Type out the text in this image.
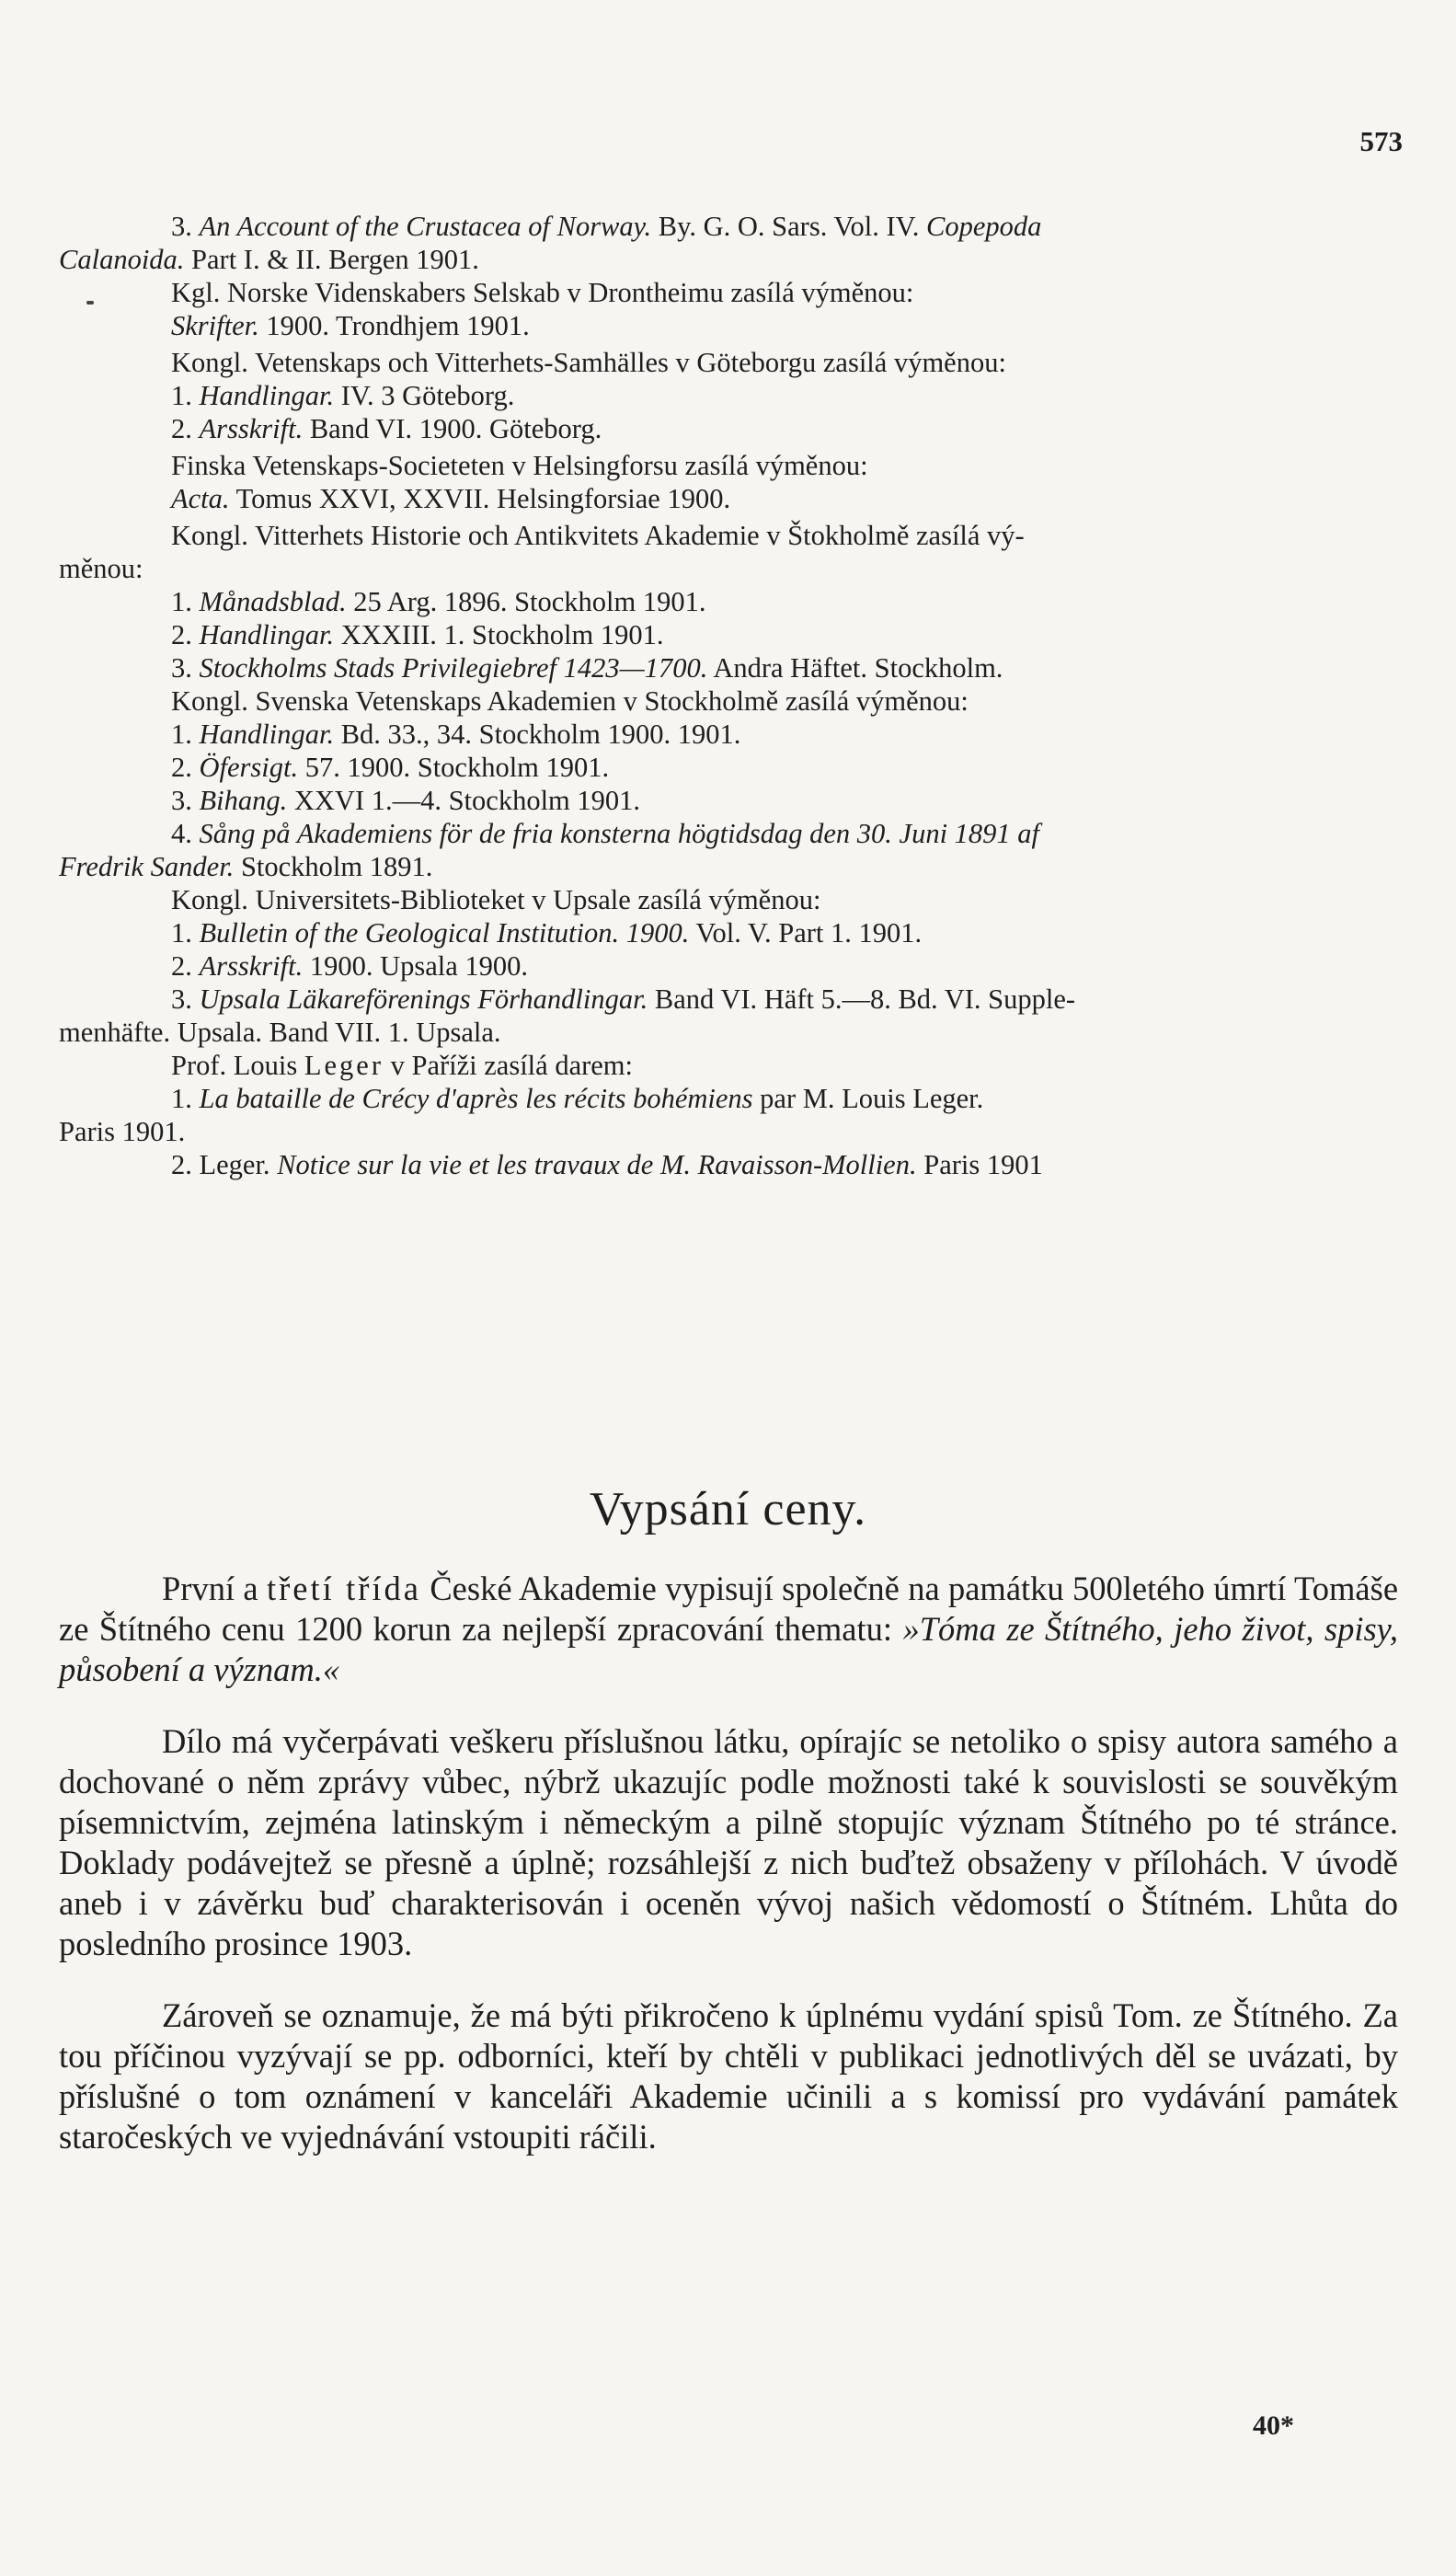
573
3. An Account of the Crustacea of Norway. By. G. O. Sars. Vol. IV. Copepoda
Calanoida. Part I. & II. Bergen 1901.
Kgl. Norske Videnskabers Selskab v Drontheimu zasílá výměnou:
Skrifter. 1900. Trondhjem 1901.
Kongl. Vetenskaps och Vitterhets-Samhälles v Göteborgu zasílá výměnou:
1. Handlingar. IV. 3 Göteborg.
2. Arsskrift. Band VI. 1900. Göteborg.
Finska Vetenskaps-Societeten v Helsingforsu zasílá výměnou:
Acta. Tomus XXVI, XXVII. Helsingforsiae 1900.
Kongl. Vitterhets Historie och Antikvitets Akademie v Štokholmě zasílá vý-
měnou:
1. Månadsblad. 25 Arg. 1896. Stockholm 1901.
2. Handlingar. XXXIII. 1. Stockholm 1901.
3. Stockholms Stads Privilegiebref 1423—1700. Andra Häftet. Stockholm.
Kongl. Svenska Vetenskaps Akademien v Stockholmě zasílá výměnou:
1. Handlingar. Bd. 33., 34. Stockholm 1900. 1901.
2. Öfersigt. 57. 1900. Stockholm 1901.
3. Bihang. XXVI 1.—4. Stockholm 1901.
4. Sång på Akademiens för de fria konsterna högtidsdag den 30. Juni 1891 af
Fredrik Sander. Stockholm 1891.
Kongl. Universitets-Biblioteket v Upsale zasílá výměnou:
1. Bulletin of the Geological Institution. 1900. Vol. V. Part 1. 1901.
2. Arsskrift. 1900. Upsala 1900.
3. Upsala Läkareförenings Förhandlingar. Band VI. Häft 5.—8. Bd. VI. Supple-
menhäfte. Upsala. Band VII. 1. Upsala.
Prof. Louis Leger v Paříži zasílá darem:
1. La bataille de Crécy d'après les récits bohémiens par M. Louis Leger.
Paris 1901.
2. Leger. Notice sur la vie et les travaux de M. Ravaisson-Mollien. Paris 1901
Vypsání ceny.

První a třetí třída České Akademie vypisují společně na památku 500letého úmrtí Tomáše ze Štítného cenu 1200 korun za nejlepší zpracování thematu: »Tóma ze Štítného, jeho život, spisy, působení a význam.«

Dílo má vyčerpávati veškeru příslušnou látku, opírajíc se netoliko o spisy autora samého a dochované o něm zprávy vůbec, nýbrž ukazujíc podle možnosti také k souvislosti se souvěkým písemnictvím, zejména latinským i německým a pilně stopujíc význam Štítného po té stránce. Doklady podávejtež se přesně a úplně; rozsáhlejší z nich buďtež obsaženy v přílohách. V úvodě aneb i v závěrku buď charakterisován i oceněn vývoj našich vědomostí o Štítném. Lhůta do posledního prosince 1903.

Zároveň se oznamuje, že má býti přikročeno k úplnému vydání spisů Tom. ze Štítného. Za tou příčinou vyzývají se pp. odborníci, kteří by chtěli v publikaci jednotlivých děl se uvázati, by příslušné o tom oznámení v kanceláři Akademie učinili a s komissí pro vydávání památek staročeských ve vyjednávání vstoupiti ráčili.

40*
